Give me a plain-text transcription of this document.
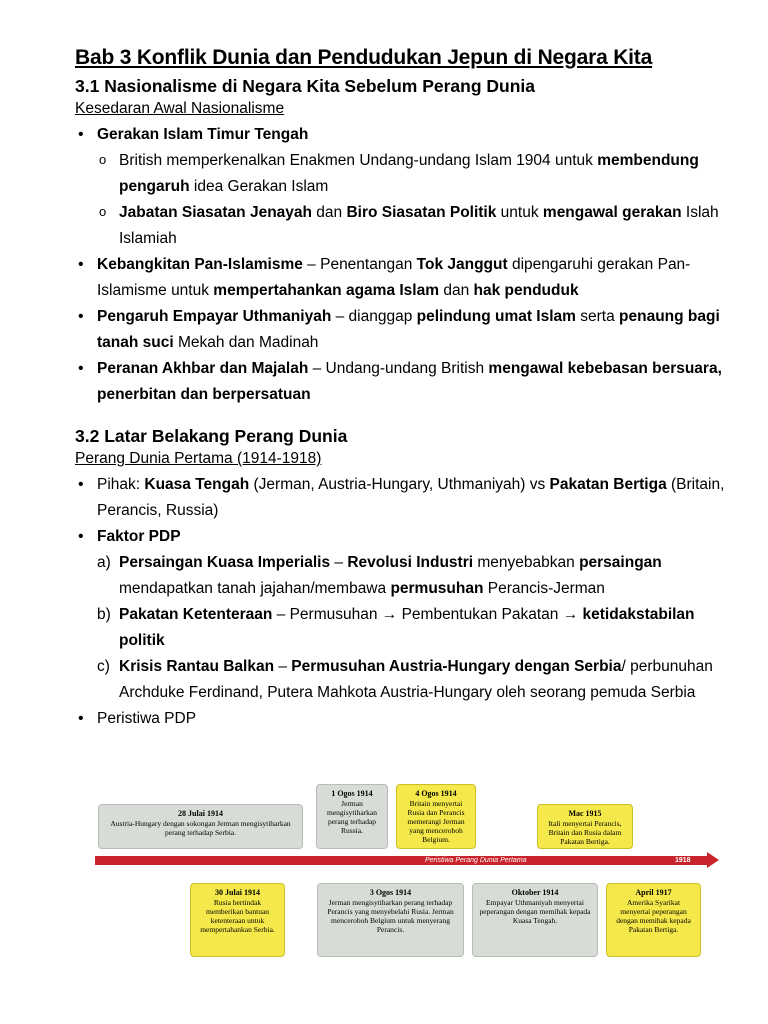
Bab 3 Konflik Dunia dan Pendudukan Jepun di Negara Kita
3.1 Nasionalisme di Negara Kita Sebelum Perang Dunia
Kesedaran Awal Nasionalisme
• Gerakan Islam Timur Tengah
o British memperkenalkan Enakmen Undang-undang Islam 1904 untuk membendung pengaruh idea Gerakan Islam
o Jabatan Siasatan Jenayah dan Biro Siasatan Politik untuk mengawal gerakan Islah Islamiah
• Kebangkitan Pan-Islamisme – Penentangan Tok Janggut dipengaruhi gerakan Pan-Islamisme untuk mempertahankan agama Islam dan hak penduduk
• Pengaruh Empayar Uthmaniyah – dianggap pelindung umat Islam serta penaung bagi tanah suci Mekah dan Madinah
• Peranan Akhbar dan Majalah – Undang-undang British mengawal kebebasan bersuara, penerbitan dan berpersatuan
3.2 Latar Belakang Perang Dunia
Perang Dunia Pertama (1914-1918)
• Pihak: Kuasa Tengah (Jerman, Austria-Hungary, Uthmaniyah) vs Pakatan Bertiga (Britain, Perancis, Russia)
• Faktor PDP
a) Persaingan Kuasa Imperialis – Revolusi Industri menyebabkan persaingan mendapatkan tanah jajahan/membawa permusuhan Perancis-Jerman
b) Pakatan Ketenteraan – Permusuhan → Pembentukan Pakatan → ketidakstabilan politik
c) Krisis Rantau Balkan – Permusuhan Austria-Hungary dengan Serbia/ perbunuhan Archduke Ferdinand, Putera Mahkota Austria-Hungary oleh seorang pemuda Serbia
• Peristiwa PDP
Peristiwa Perang Dunia Pertama	1918
28 Julai 1914
Austria-Hungary dengan sokongan Jerman mengisytiharkan perang terhadap Serbia.
1 Ogos 1914
Jerman mengisytiharkan perang terhadap Russia.
4 Ogos 1914
Britain menyertai Rusia dan Perancis memerangi Jerman yang menceroboh Belgium.
Mac 1915
Itali menyertai Perancis, Britain dan Rusia dalam Pakatan Bertiga.
30 Julai 1914
Rusia bertindak memberikan bantuan ketenteraan untuk mempertahankan Serbia.
3 Ogos 1914
Jerman mengisytiharkan perang terhadap Perancis yang menyebelahi Rusia. Jerman menceroboh Belgium untuk menyerang Perancis.
Oktober 1914
Empayar Uthmaniyah menyertai peperangan dengan memihak kepada Kuasa Tengah.
April 1917
Amerika Syarikat menyertai peperangan dengan memihak kepada Pakatan Bertiga.
